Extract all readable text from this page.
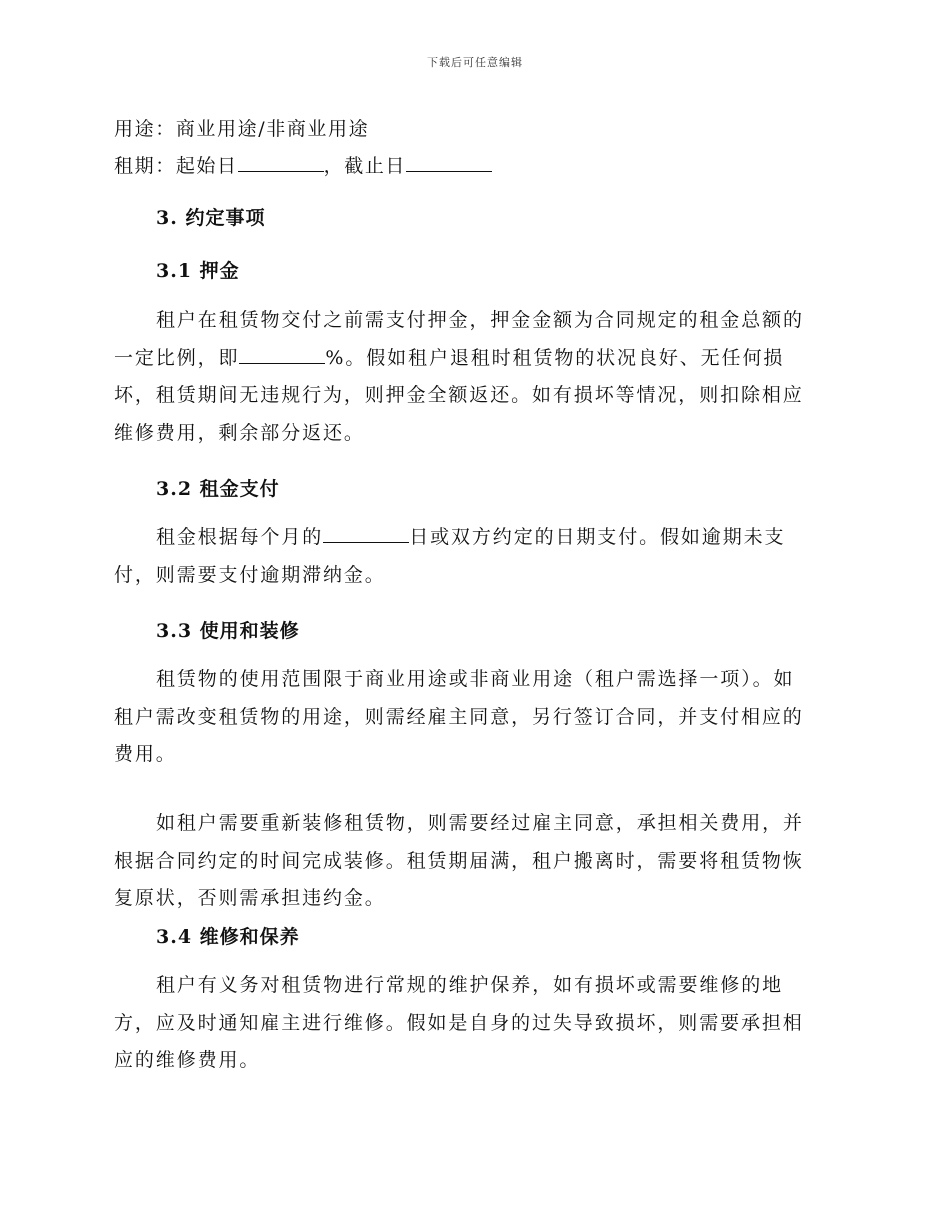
下载后可任意编辑
用途：商业用途/非商业用途
租期：起始日	，截止日
3. 约定事项
3.1 押金
租户在租赁物交付之前需支付押金，押金金额为合同规定的租金总额的
一定比例，即	%。假如租户退租时租赁物的状况良好、无任何损
坏，租赁期间无违规行为，则押金全额返还。如有损坏等情况，则扣除相应
维修费用，剩余部分返还。
3.2 租金支付
租金根据每个月的	日或双方约定的日期支付。假如逾期未支
付，则需要支付逾期滞纳金。
3.3 使用和装修
租赁物的使用范围限于商业用途或非商业用途（租户需选择一项）。如
租户需改变租赁物的用途，则需经雇主同意，另行签订合同，并支付相应的
费用。
如租户需要重新装修租赁物，则需要经过雇主同意，承担相关费用，并
根据合同约定的时间完成装修。租赁期届满，租户搬离时，需要将租赁物恢
复原状，否则需承担违约金。
3.4 维修和保养
租户有义务对租赁物进行常规的维护保养，如有损坏或需要维修的地
方，应及时通知雇主进行维修。假如是自身的过失导致损坏，则需要承担相
应的维修费用。
